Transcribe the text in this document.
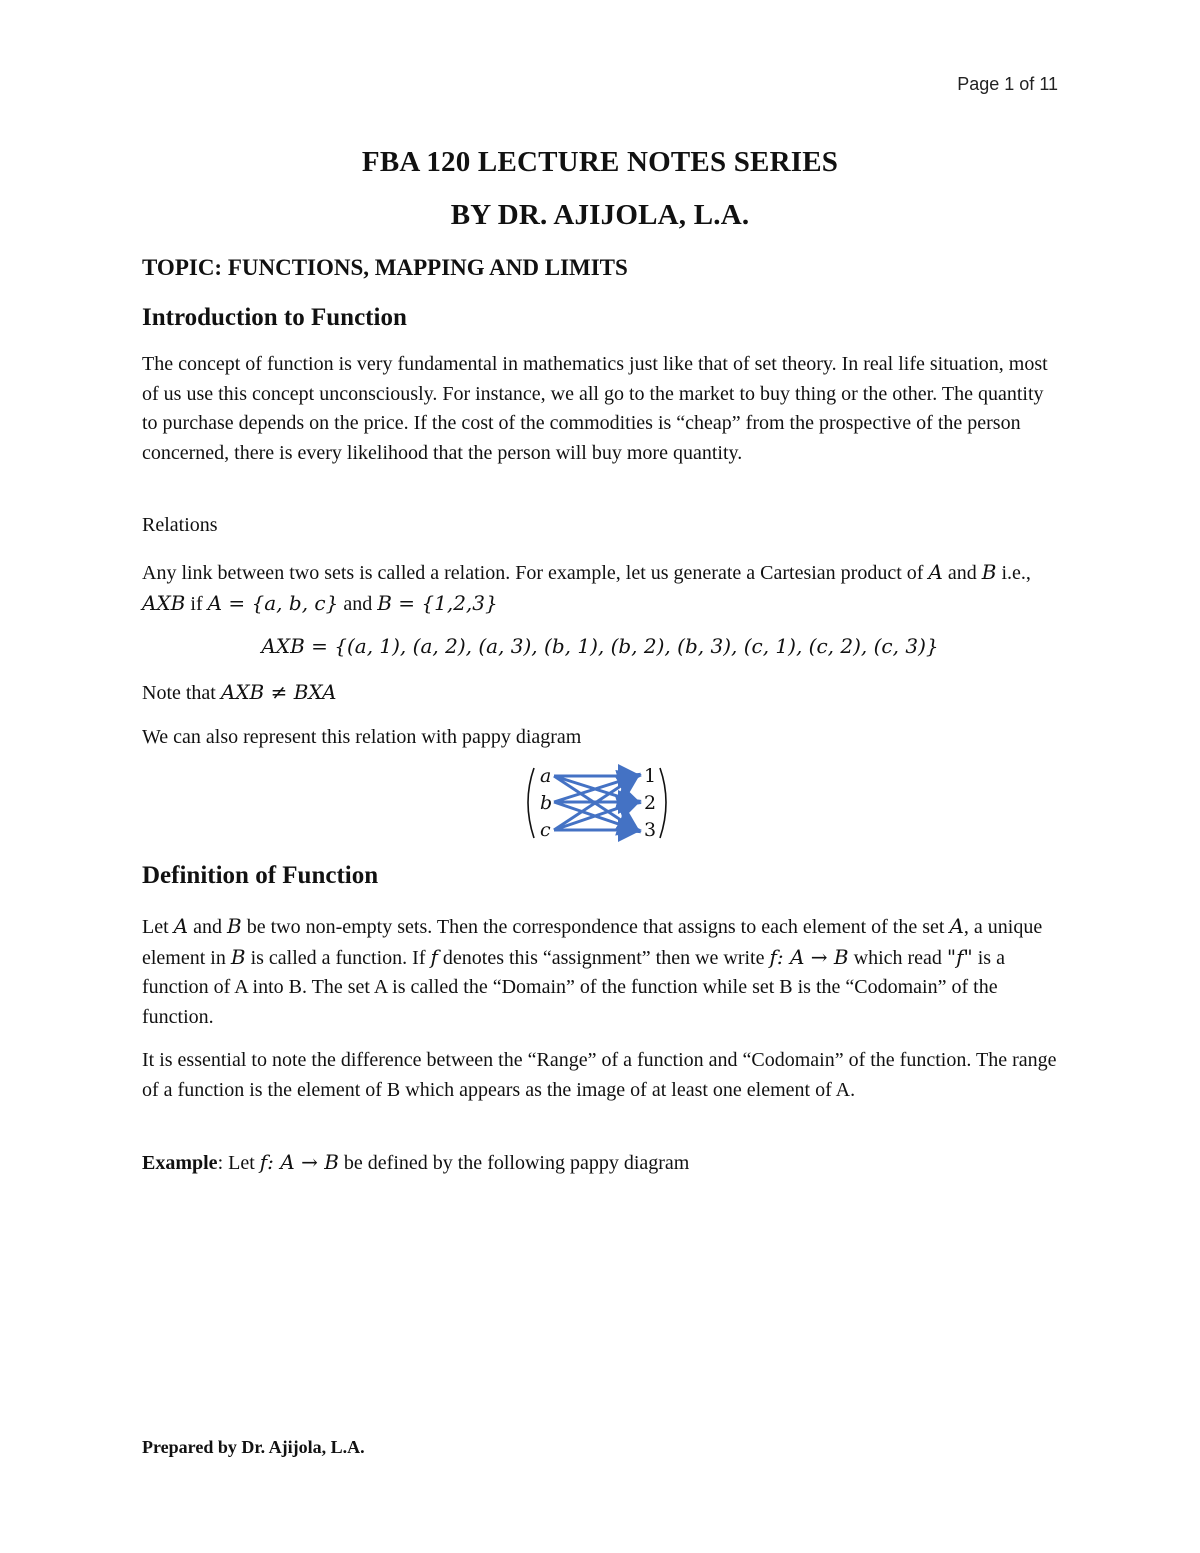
Page 1 of 11
FBA 120 LECTURE NOTES SERIES
BY DR. AJIJOLA, L.A.
TOPIC: FUNCTIONS, MAPPING AND LIMITS
Introduction to Function

The concept of function is very fundamental in mathematics just like that of set theory. In real life situation, most of us use this concept unconsciously. For instance, we all go to the market to buy thing or the other. The quantity to purchase depends on the price. If the cost of the commodities is “cheap” from the prospective of the person concerned, there is every likelihood that the person will buy more quantity.

Relations

Any link between two sets is called a relation. For example, let us generate a Cartesian product of A and B i.e., AXB if A = {a, b, c} and B = {1,2,3}

AXB = {(a, 1), (a, 2), (a, 3), (b, 1), (b, 2), (b, 3), (c, 1), (c, 2), (c, 3)}

Note that AXB ≠ BXA

We can also represent this relation with pappy diagram

a
b
c
1
2
3
Definition of Function

Let A and B be two non-empty sets. Then the correspondence that assigns to each element of the set A, a unique element in B is called a function. If f denotes this “assignment” then we write f: A → B which read "f" is a function of A into B. The set A is called the “Domain” of the function while set B is the “Codomain” of the function.

It is essential to note the difference between the “Range” of a function and “Codomain” of the function. The range of a function is the element of B which appears as the image of at least one element of A.

Example: Let f: A → B be defined by the following pappy diagram

Prepared by Dr. Ajijola, L.A.
